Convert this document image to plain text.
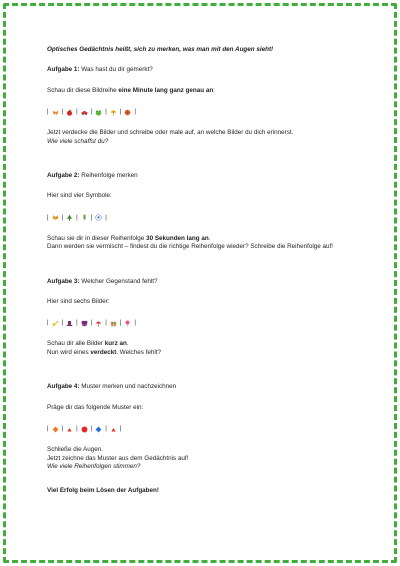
Optisches Gedächtnis heißt, sich zu merken, was man mit den Augen sieht!

Aufgabe 1: Was hast du dir gemerkt?

Schau dir diese Bildreihe eine Minute lang ganz genau an:

| | | | | | |

Jetzt verdecke die Bilder und schreibe oder male auf, an welche Bilder du dich erinnerst.

Wie viele schaffst du?

Aufgabe 2: Reihenfolge merken

Hier sind vier Symbole:

| | | | |

Schau sie dir in dieser Reihenfolge 30 Sekunden lang an.

Dann werden sie vermischt – findest du die richtige Reihenfolge wieder? Schreibe die Reihenfolge auf!

Aufgabe 3: Welcher Gegenstand fehlt?

Hier sind sechs Bilder:

| | | | | | |

Schau dir alle Bilder kurz an.

Nun wird eines verdeckt. Welches fehlt?

Aufgabe 4: Muster merken und nachzeichnen

Präge dir das folgende Muster ein:

| | | | | |

Schließe die Augen.

Jetzt zeichne das Muster aus dem Gedächtnis auf!

Wie viele Reihenfolgen stimmen?

Viel Erfolg beim Lösen der Aufgaben!
